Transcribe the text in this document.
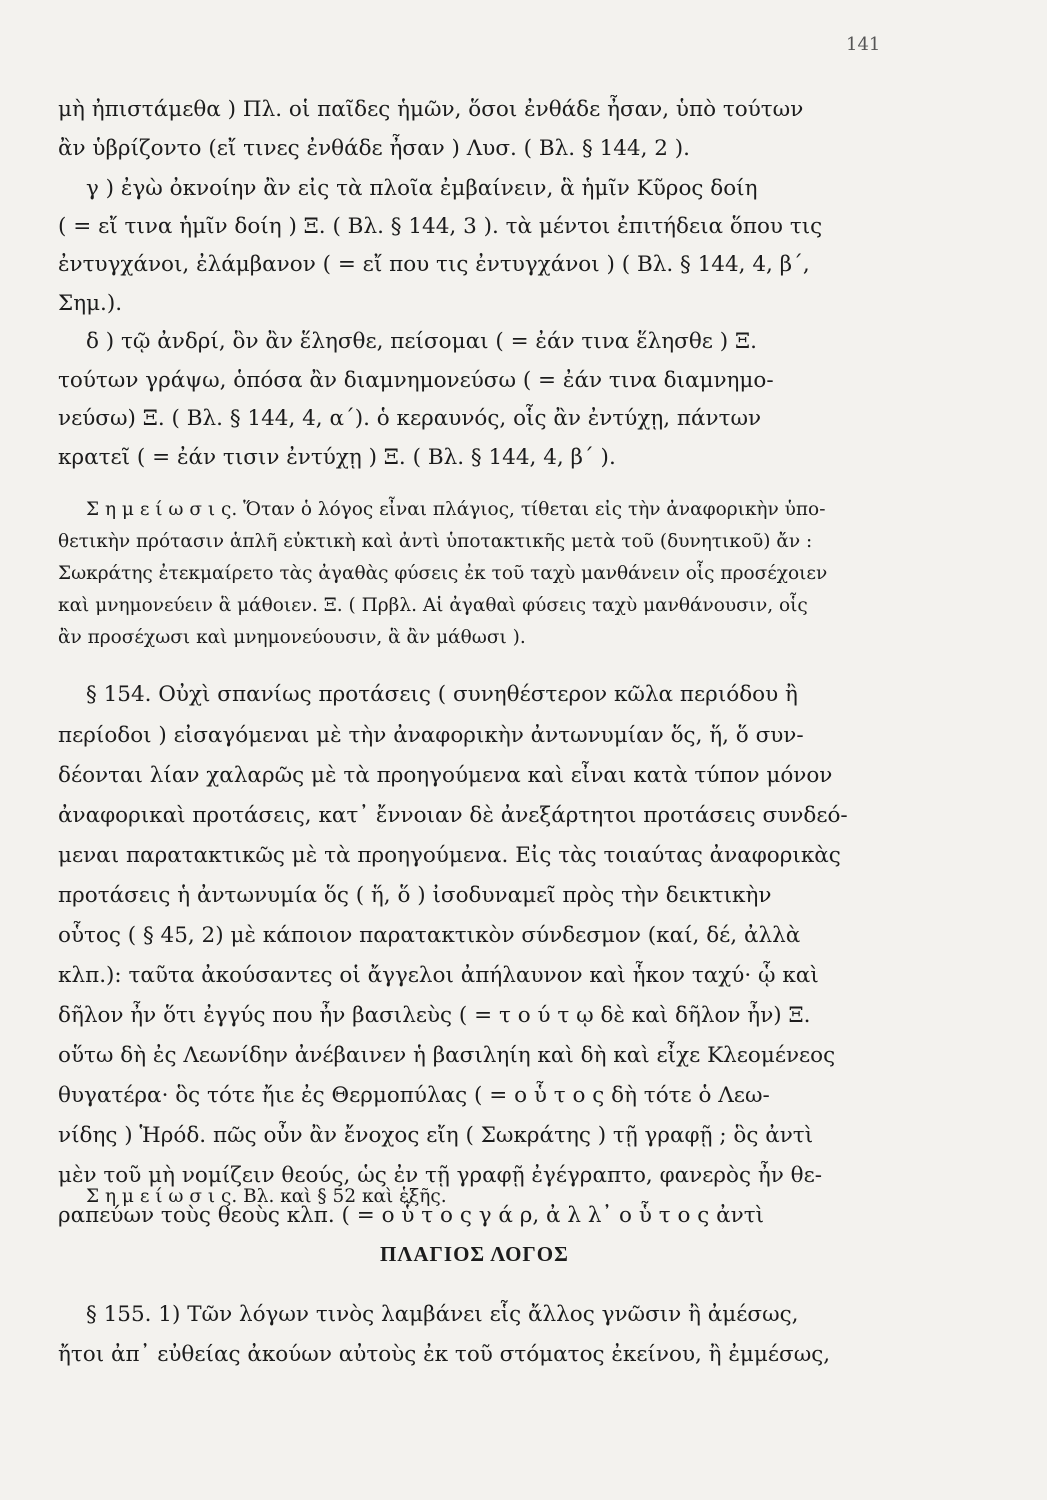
141
μὴ ἠπιστάμεθα ) Πλ. οἱ παῖδες ἡμῶν, ὅσοι ἐνθάδε ἦσαν, ὑπὸ τούτων
ἂν ὑβρίζοντο (εἴ τινες ἐνθάδε ἦσαν ) Λυσ. ( Βλ. § 144, 2 ).
γ ) ἐγὼ ὀκνοίην ἂν εἰς τὰ πλοῖα ἐμβαίνειν, ἃ ἡμῖν Κῦρος δοίη
( = εἴ τινα ἡμῖν δοίη ) Ξ. ( Βλ. § 144, 3 ). τὰ μέντοι ἐπιτήδεια ὅπου τις
ἐντυγχάνοι, ἐλάμβανον ( = εἴ που τις ἐντυγχάνοι ) ( Βλ. § 144, 4, β΄,
Σημ.).
δ ) τῷ ἀνδρί, ὃν ἂν ἕλησθε, πείσομαι ( = ἐάν τινα ἕλησθε ) Ξ.
τούτων γράψω, ὁπόσα ἂν διαμνημονεύσω ( = ἐάν τινα διαμνημο-
νεύσω) Ξ. ( Βλ. § 144, 4, α΄). ὁ κεραυνός, οἷς ἂν ἐντύχῃ, πάντων
κρατεῖ ( = ἐάν τισιν ἐντύχῃ ) Ξ. ( Βλ. § 144, 4, β΄ ).
Σ η μ ε ί ω σ ι ς. Ὅταν ὁ λόγος εἶναι πλάγιος, τίθεται εἰς τὴν ἀναφορικὴν ὑπο-
θετικὴν πρότασιν ἁπλῆ εὐκτικὴ καὶ ἀντὶ ὑποτακτικῆς μετὰ τοῦ (δυνητικοῦ) ἄν :
Σωκράτης ἐτεκμαίρετο τὰς ἀγαθὰς φύσεις ἐκ τοῦ ταχὺ μανθάνειν οἷς προσέχοιεν
καὶ μνημονεύειν ἃ μάθοιεν. Ξ. ( Πρβλ. Αἱ ἀγαθαὶ φύσεις ταχὺ μανθάνουσιν, οἷς
ἂν προσέχωσι καὶ μνημονεύουσιν, ἃ ἂν μάθωσι ).
§ 154. Οὐχὶ σπανίως προτάσεις ( συνηθέστερον κῶλα περιόδου ἢ
περίοδοι ) εἰσαγόμεναι μὲ τὴν ἀναφορικὴν ἀντωνυμίαν ὅς, ἥ, ὅ συν-
δέονται λίαν χαλαρῶς μὲ τὰ προηγούμενα καὶ εἶναι κατὰ τύπον μόνον
ἀναφορικαὶ προτάσεις, κατ᾽ ἔννοιαν δὲ ἀνεξάρτητοι προτάσεις συνδεό-
μεναι παρατακτικῶς μὲ τὰ προηγούμενα. Εἰς τὰς τοιαύτας ἀναφορικὰς
προτάσεις ἡ ἀντωνυμία ὅς ( ἥ, ὅ ) ἰσοδυναμεῖ πρὸς τὴν δεικτικὴν
οὗτος ( § 45, 2) μὲ κάποιον παρατακτικὸν σύνδεσμον (καί, δέ, ἀλλὰ
κλπ.): ταῦτα ἀκούσαντες οἱ ἄγγελοι ἀπήλαυνον καὶ ἧκον ταχύ· ᾧ καὶ
δῆλον ἦν ὅτι ἐγγύς που ἦν βασιλεὺς ( = τ ο ύ τ ῳ δὲ καὶ δῆλον ἦν) Ξ.
οὕτω δὴ ἐς Λεωνίδην ἀνέβαινεν ἡ βασιληίη καὶ δὴ καὶ εἶχε Κλεομένεος
θυγατέρα· ὃς τότε ἤιε ἐς Θερμοπύλας ( = ο ὗ τ ο ς δὴ τότε ὁ Λεω-
νίδης ) Ἡρόδ. πῶς οὖν ἂν ἔνοχος εἴη ( Σωκράτης ) τῇ γραφῇ ; ὃς ἀντὶ
μὲν τοῦ μὴ νομίζειν θεούς, ὡς ἐν τῇ γραφῇ ἐγέγραπτο, φανερὸς ἦν θε-
ραπεύων τοὺς θεοὺς κλπ. ( = ο ὗ τ ο ς γ ά ρ, ἀ λ λ᾽ ο ὗ τ ο ς ἀντὶ
Σ η μ ε ί ω σ ι ς. Βλ. καὶ § 52 καὶ ἑξῆς.
ΠΛΑΓΙΟΣ ΛΟΓΟΣ
§ 155. 1) Τῶν λόγων τινὸς λαμβάνει εἷς ἄλλος γνῶσιν ἢ ἀμέσως,
ἤτοι ἀπ᾽ εὐθείας ἀκούων αὐτοὺς ἐκ τοῦ στόματος ἐκείνου, ἢ ἐμμέσως,
